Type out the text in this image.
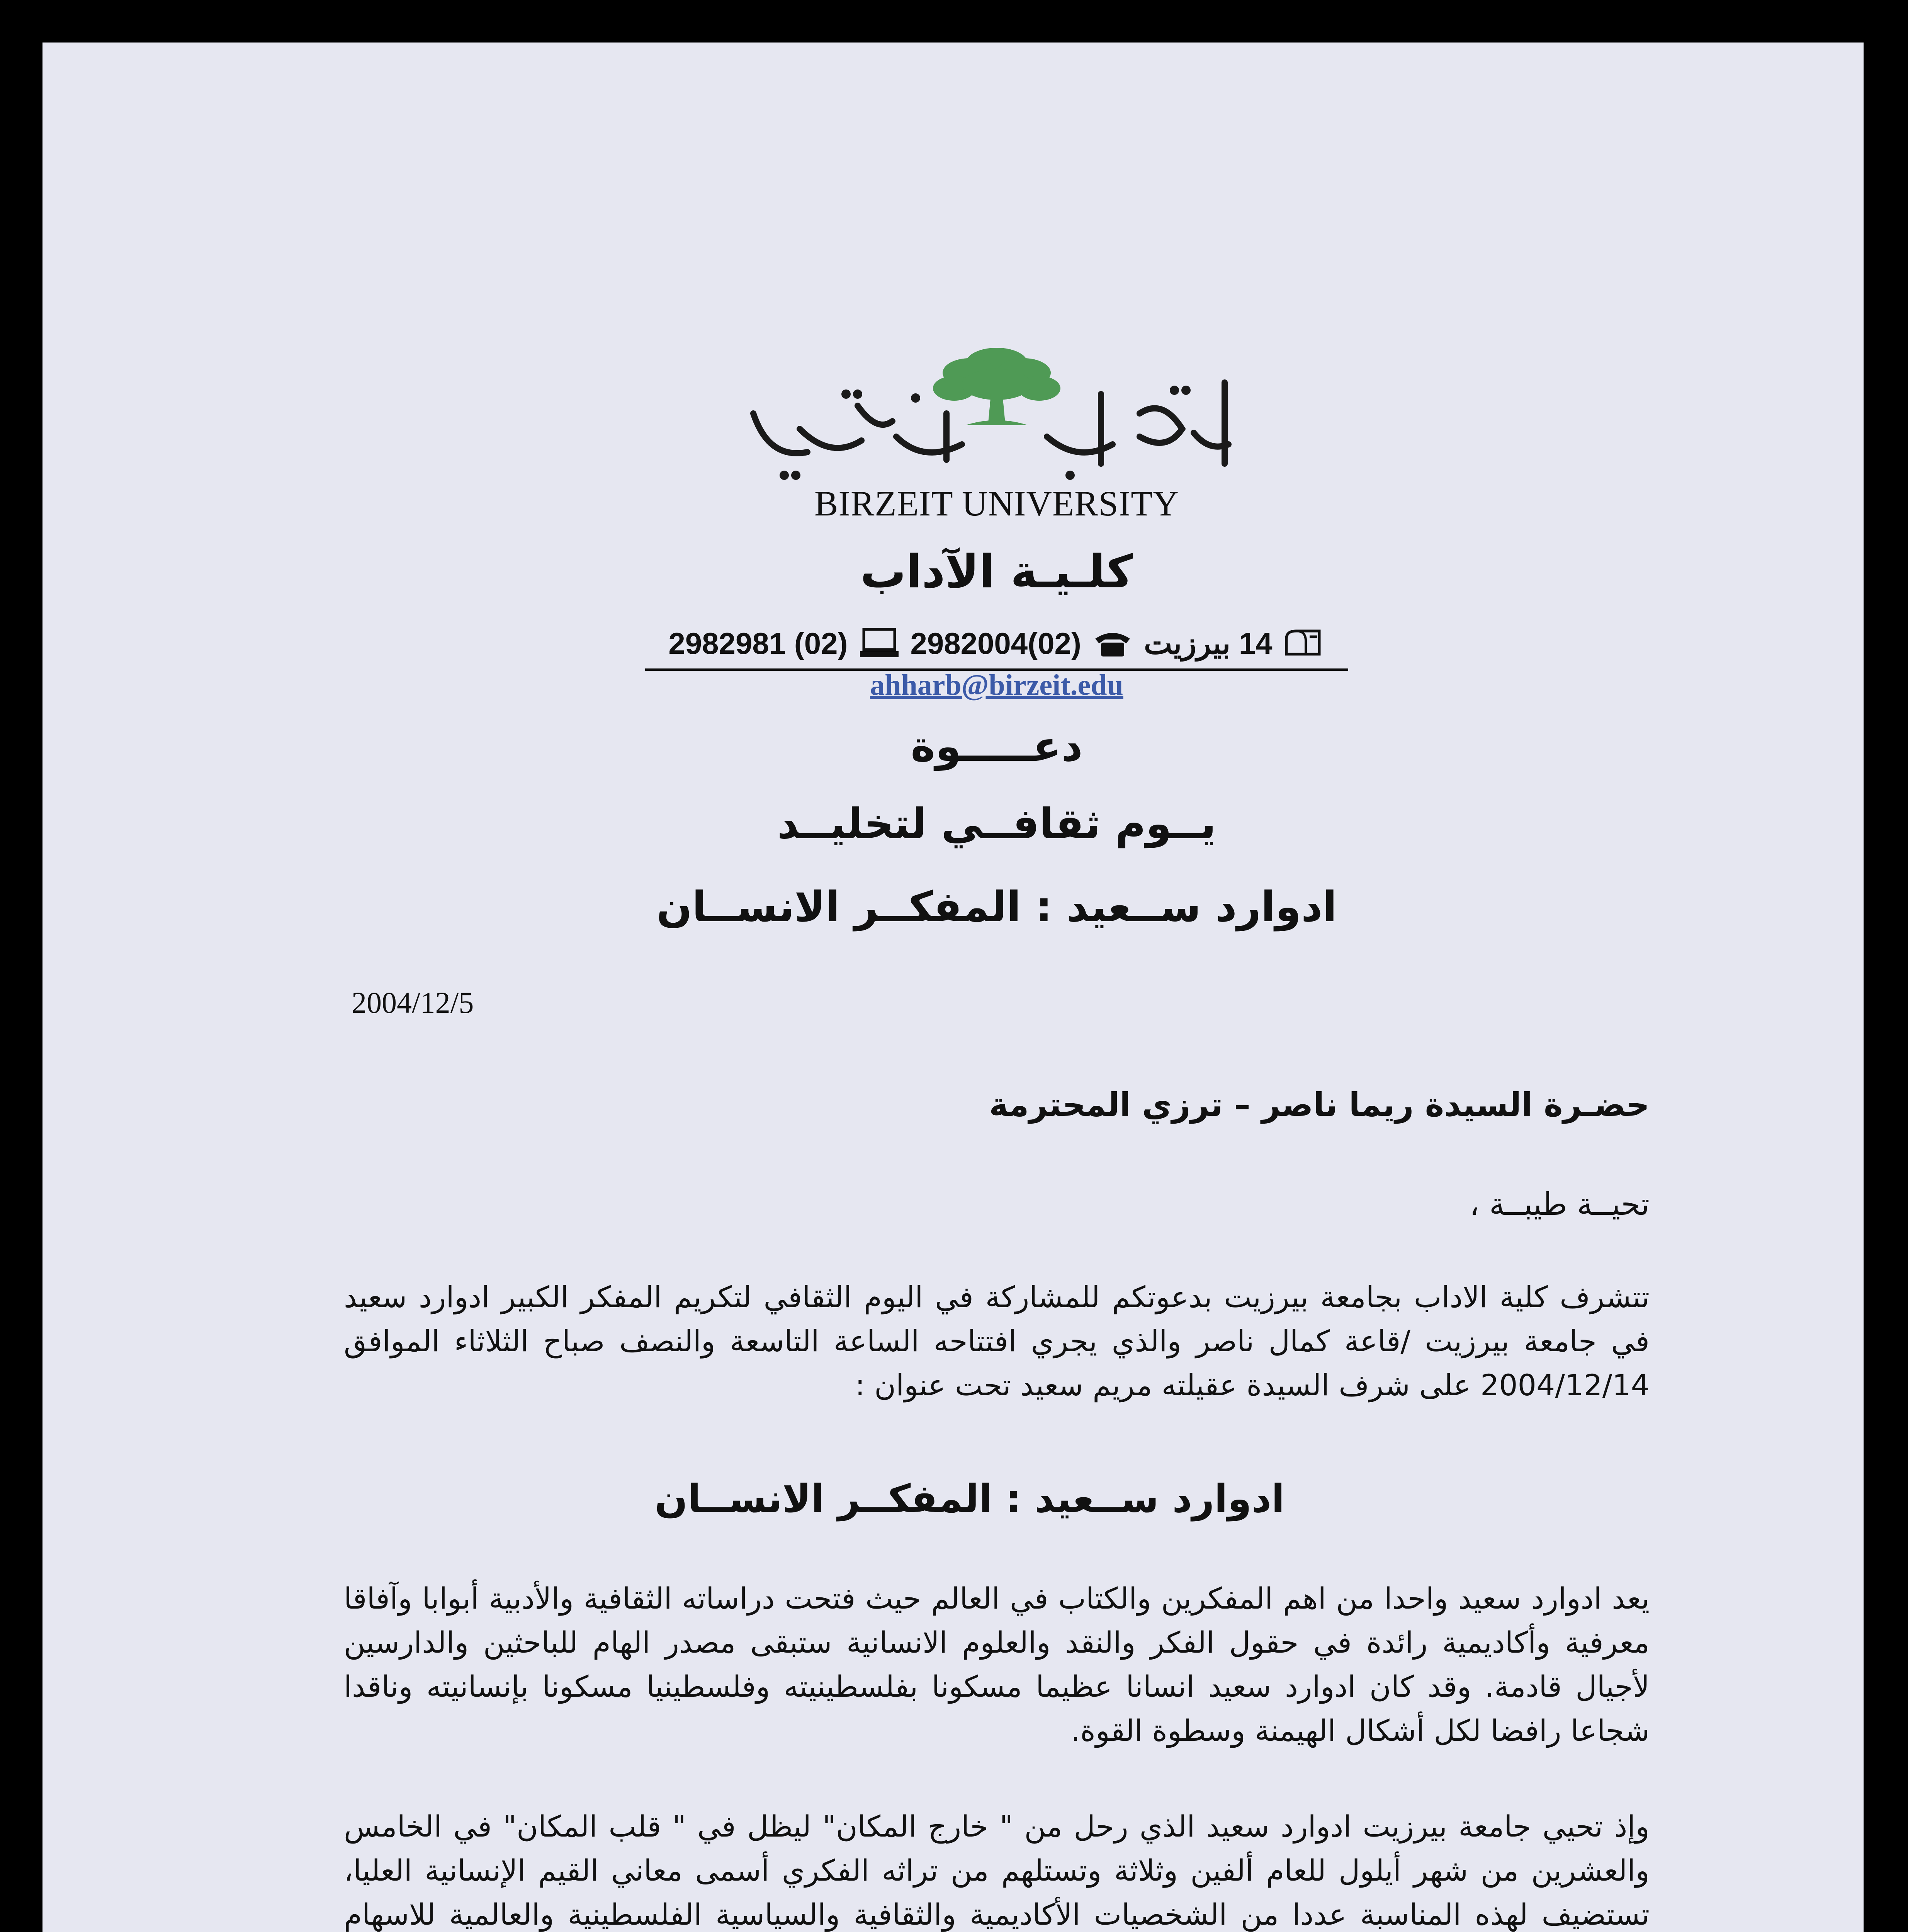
BIRZEIT UNIVERSITY
كلـيـة الآداب
14 بيرزيت
(02)2982004
(02) 2982981
ahharb@birzeit.edu
دعـــــوة
يــوم ثقافــي لتخليــد
ادوارد ســعيد : المفكــر الانســان
2004/12/5
حضـرة السيدة ريما ناصر – ترزي المحترمة
تحيــة طيبــة ،
تتشرف كلية الاداب بجامعة بيرزيت بدعوتكم للمشاركة في اليوم الثقافي لتكريم المفكر الكبير ادوارد سعيد في جامعة بيرزيت /قاعة كمال ناصر والذي يجري افتتاحه الساعة التاسعة والنصف صباح الثلاثاء الموافق 2004/12/14 على شرف السيدة عقيلته مريم سعيد تحت عنوان :
ادوارد ســعيد : المفكــر الانســان
يعد ادوارد سعيد واحدا من اهم المفكرين والكتاب في العالم حيث فتحت دراساته الثقافية والأدبية أبوابا وآفاقا معرفية وأكاديمية رائدة في حقول الفكر والنقد والعلوم الانسانية ستبقى مصدر الهام للباحثين والدارسين لأجيال قادمة. وقد كان ادوارد سعيد انسانا عظيما مسكونا بفلسطينيته وفلسطينيا مسكونا بإنسانيته وناقدا شجاعا رافضا لكل أشكال الهيمنة وسطوة القوة.
وإذ تحيي جامعة بيرزيت ادوارد سعيد الذي رحل من " خارج المكان" ليظل في " قلب المكان" في الخامس والعشرين من شهر أيلول للعام ألفين وثلاثة وتستلهم من تراثه الفكري أسمى معاني القيم الإنسانية العليا، تستضيف لهذه المناسبة عددا من الشخصيات الأكاديمية والثقافية والسياسية الفلسطينية والعالمية للاسهام
